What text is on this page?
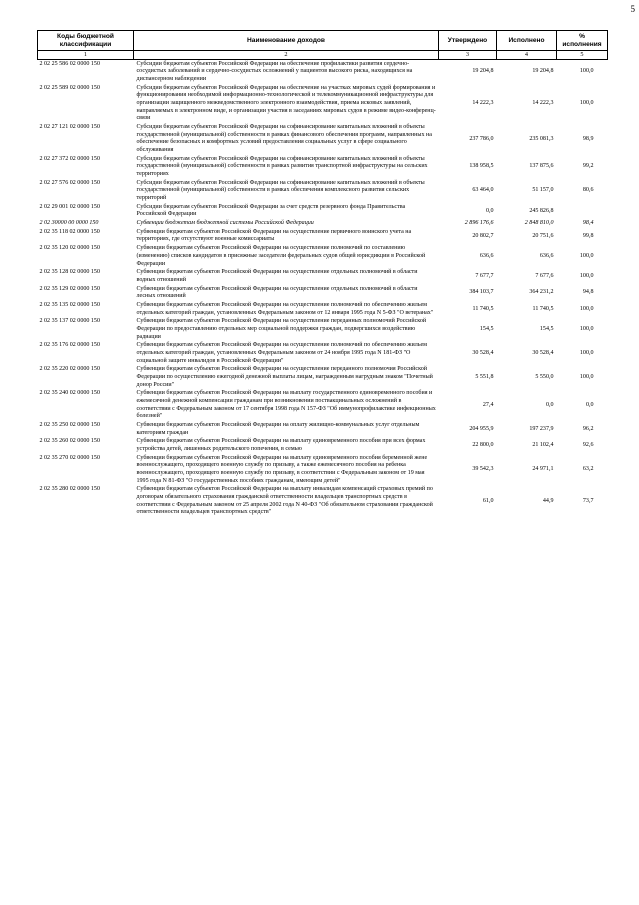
5
Коды бюджетной классификации	Наименование доходов	Утверждено	Исполнено	% исполнения
1	2	3	4	5
2 02 25 586 02 0000 150	Субсидии бюджетам субъектов Российской Федерации на обеспечение профилактики развития сердечно-сосудистых заболеваний и сердечно-сосудистых осложнений у пациентов высокого риска, находящихся на диспансерном наблюдении	19 204,8	19 204,8	100,0
2 02 25 589 02 0000 150	Субсидии бюджетам субъектов Российской Федерации на обеспечение на участках мировых судей формирования и функционирования необходимой информационно-технологической и телекоммуникационной инфраструктуры для организации защищенного межведомственного электронного взаимодействия, приема исковых заявлений, направляемых в электронном виде, и организации участия в заседаниях мировых судов в режиме видео-конференц-связи	14 222,3	14 222,3	100,0
2 02 27 121 02 0000 150	Субсидии бюджетам субъектов Российской Федерации на софинансирование капитальных вложений в объекты государственной (муниципальной) собственности в рамках финансового обеспечения программ, направленных на обеспечение безопасных и комфортных условий предоставления социальных услуг в сфере социального обслуживания	237 786,0	235 081,3	98,9
2 02 27 372 02 0000 150	Субсидии бюджетам субъектов Российской Федерации на софинансирование капитальных вложений в объекты государственной (муниципальной) собственности в рамках развития транспортной инфраструктуры на сельских территориях	138 958,5	137 875,6	99,2
2 02 27 576 02 0000 150	Субсидии бюджетам субъектов Российской Федерации на софинансирование капитальных вложений в объекты государственной (муниципальной) собственности в рамках обеспечения комплексного развития сельских территорий	63 464,0	51 157,0	80,6
2 02 29 001 02 0000 150	Субсидии бюджетам субъектов Российской Федерации за счет средств резервного фонда Правительства Российской Федерации	0,0	245 826,8	
2 02 30000 00 0000 150	Субвенции бюджетам бюджетной системы Российской Федерации	2 896 176,6	2 848 810,0	98,4
2 02 35 118 02 0000 150	Субвенции бюджетам субъектов Российской Федерации на осуществление первичного воинского учета на территориях, где отсутствуют военные комиссариаты	20 802,7	20 751,6	99,8
2 02 35 120 02 0000 150	Субвенции бюджетам субъектов Российской Федерации на осуществление полномочий по составлению (изменению) списков кандидатов в присяжные заседатели федеральных судов общей юрисдикции в Российской Федерации	636,6	636,6	100,0
2 02 35 128 02 0000 150	Субвенции бюджетам субъектов Российской Федерации на осуществление отдельных полномочий в области водных отношений	7 677,7	7 677,6	100,0
2 02 35 129 02 0000 150	Субвенции бюджетам субъектов Российской Федерации на осуществление отдельных полномочий в области лесных отношений	384 103,7	364 231,2	94,8
2 02 35 135 02 0000 150	Субвенции бюджетам субъектов Российской Федерации на осуществление полномочий по обеспечению жильем отдельных категорий граждан, установленных Федеральным законом от 12 января 1995 года N 5-ФЗ "О ветеранах"	11 740,5	11 740,5	100,0
2 02 35 137 02 0000 150	Субвенции бюджетам субъектов Российской Федерации на осуществление переданных полномочий Российской Федерации по предоставлению отдельных мер социальной поддержки граждан, подвергшихся воздействию радиации	154,5	154,5	100,0
2 02 35 176 02 0000 150	Субвенции бюджетам субъектов Российской Федерации на осуществление полномочий по обеспечению жильем отдельных категорий граждан, установленных Федеральным законом от 24 ноября 1995 года N 181-ФЗ "О социальной защите инвалидов в Российской Федерации"	30 528,4	30 528,4	100,0
2 02 35 220 02 0000 150	Субвенции бюджетам субъектов Российской Федерации на осуществление переданного полномочия Российской Федерации по осуществлению ежегодной денежной выплаты лицам, награжденным нагрудным знаком "Почетный донор России"	5 551,8	5 550,0	100,0
2 02 35 240 02 0000 150	Субвенции бюджетам субъектов Российской Федерации на выплату государственного единовременного пособия и ежемесячной денежной компенсации гражданам при возникновении поствакцинальных осложнений в соответствии с Федеральным законом от 17 сентября 1998 года N 157-ФЗ "Об иммунопрофилактике инфекционных болезней"	27,4	0,0	0,0
2 02 35 250 02 0000 150	Субвенции бюджетам субъектов Российской Федерации на оплату жилищно-коммунальных услуг отдельным категориям граждан	204 955,9	197 237,9	96,2
2 02 35 260 02 0000 150	Субвенции бюджетам субъектов Российской Федерации на выплату единовременного пособия при всех формах устройства детей, лишенных родительского попечения, в семью	22 800,0	21 102,4	92,6
2 02 35 270 02 0000 150	Субвенции бюджетам субъектов Российской Федерации на выплату единовременного пособия беременной жене военнослужащего, проходящего военную службу по призыву, а также ежемесячного пособия на ребенка военнослужащего, проходящего военную службу по призыву, в соответствии с Федеральным законом от 19 мая 1995 года N 81-ФЗ "О государственных пособиях гражданам, имеющим детей"	39 542,3	24 971,1	63,2
2 02 35 280 02 0000 150	Субвенции бюджетам субъектов Российской Федерации на выплату инвалидам компенсаций страховых премий по договорам обязательного страхования гражданской ответственности владельцев транспортных средств в соответствии с Федеральным законом от 25 апреля 2002 года N 40-ФЗ "Об обязательном страховании гражданской ответственности владельцев транспортных средств"	61,0	44,9	73,7
